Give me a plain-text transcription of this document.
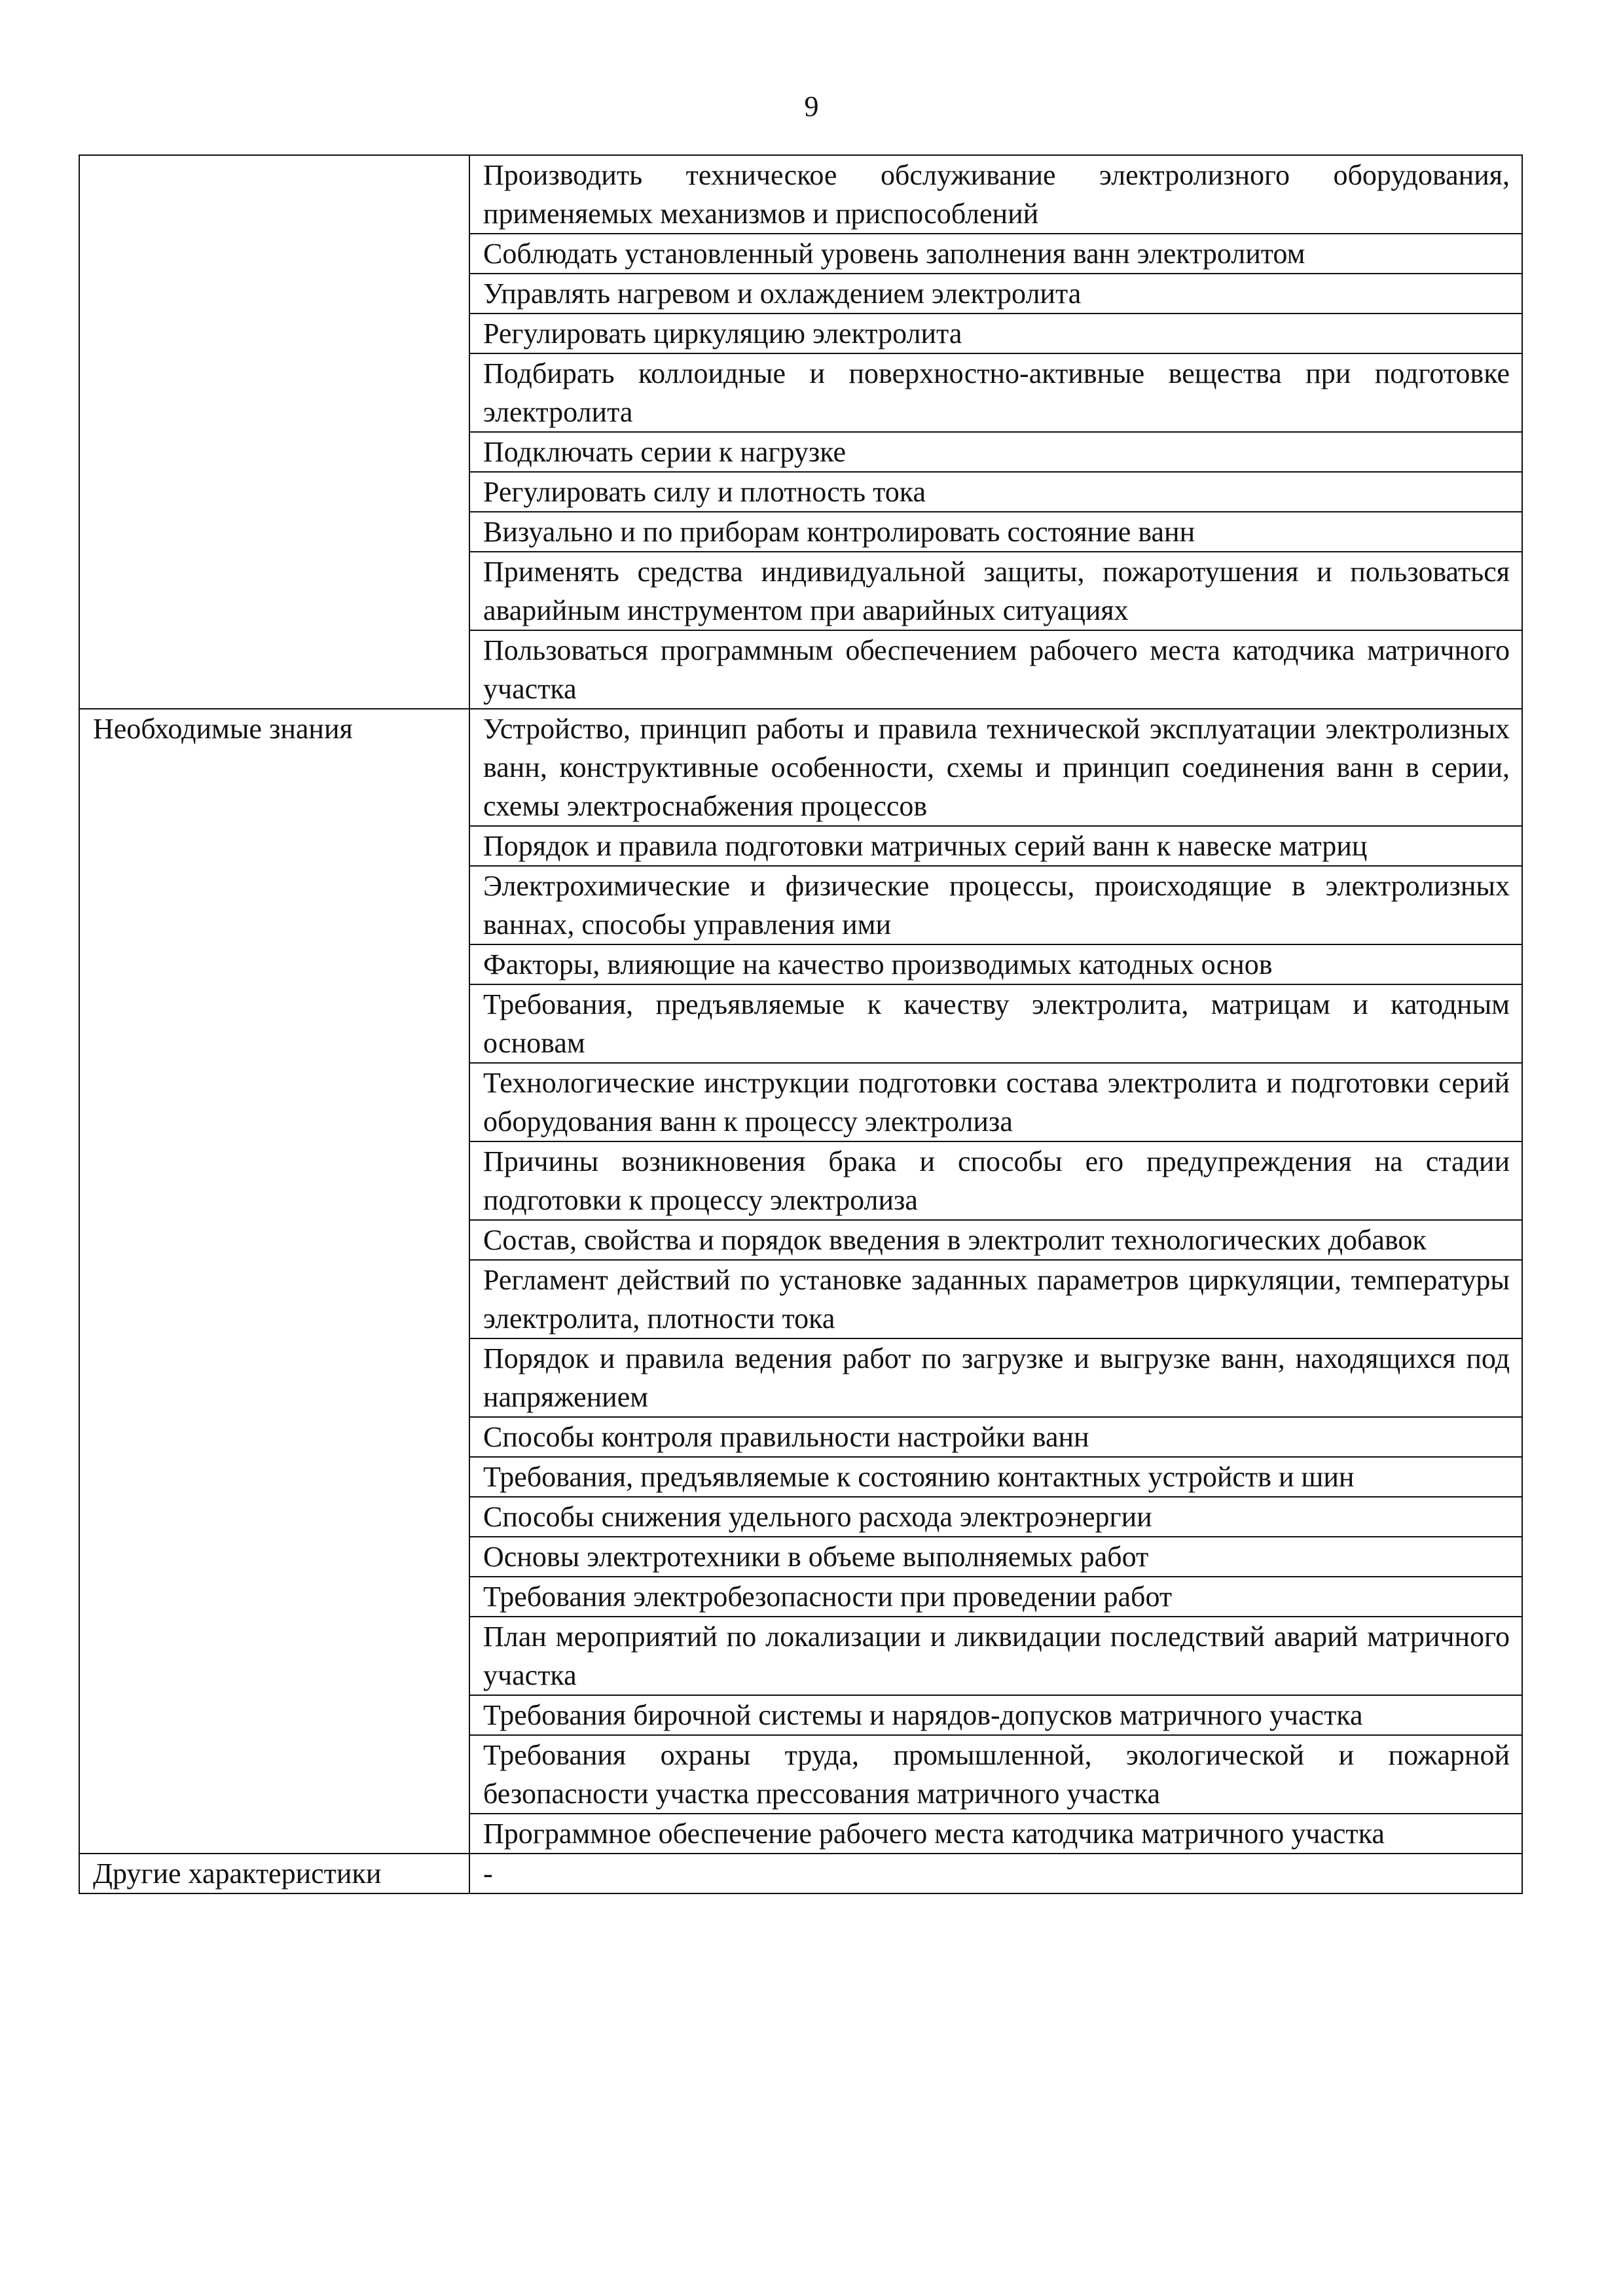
9
	Производить техническое обслуживание электролизного оборудования, применяемых механизмов и приспособлений
	Соблюдать установленный уровень заполнения ванн электролитом
	Управлять нагревом и охлаждением электролита
	Регулировать циркуляцию электролита
	Подбирать коллоидные и поверхностно-активные вещества при подготовке электролита
	Подключать серии к нагрузке
	Регулировать силу и плотность тока
	Визуально и по приборам контролировать состояние ванн
	Применять средства индивидуальной защиты, пожаротушения и пользоваться аварийным инструментом при аварийных ситуациях
	Пользоваться программным обеспечением рабочего места катодчика матричного участка
Необходимые знания	Устройство, принцип работы и правила технической эксплуатации электролизных ванн, конструктивные особенности, схемы и принцип соединения ванн в серии, схемы электроснабжения процессов
	Порядок и правила подготовки матричных серий ванн к навеске матриц
	Электрохимические и физические процессы, происходящие в электролизных ваннах, способы управления ими
	Факторы, влияющие на качество производимых катодных основ
	Требования, предъявляемые к качеству электролита, матрицам и катодным основам
	Технологические инструкции подготовки состава электролита и подготовки серий оборудования ванн к процессу электролиза
	Причины возникновения брака и способы его предупреждения на стадии подготовки к процессу электролиза
	Состав, свойства и порядок введения в электролит технологических добавок
	Регламент действий по установке заданных параметров циркуляции, температуры электролита, плотности тока
	Порядок и правила ведения работ по загрузке и выгрузке ванн, находящихся под напряжением
	Способы контроля правильности настройки ванн
	Требования, предъявляемые к состоянию контактных устройств и шин
	Способы снижения удельного расхода электроэнергии
	Основы электротехники в объеме выполняемых работ
	Требования электробезопасности при проведении работ
	План мероприятий по локализации и ликвидации последствий аварий матричного участка
	Требования бирочной системы и нарядов-допусков матричного участка
	Требования охраны труда, промышленной, экологической и пожарной безопасности участка прессования матричного участка
	Программное обеспечение рабочего места катодчика матричного участка
Другие характеристики	-
